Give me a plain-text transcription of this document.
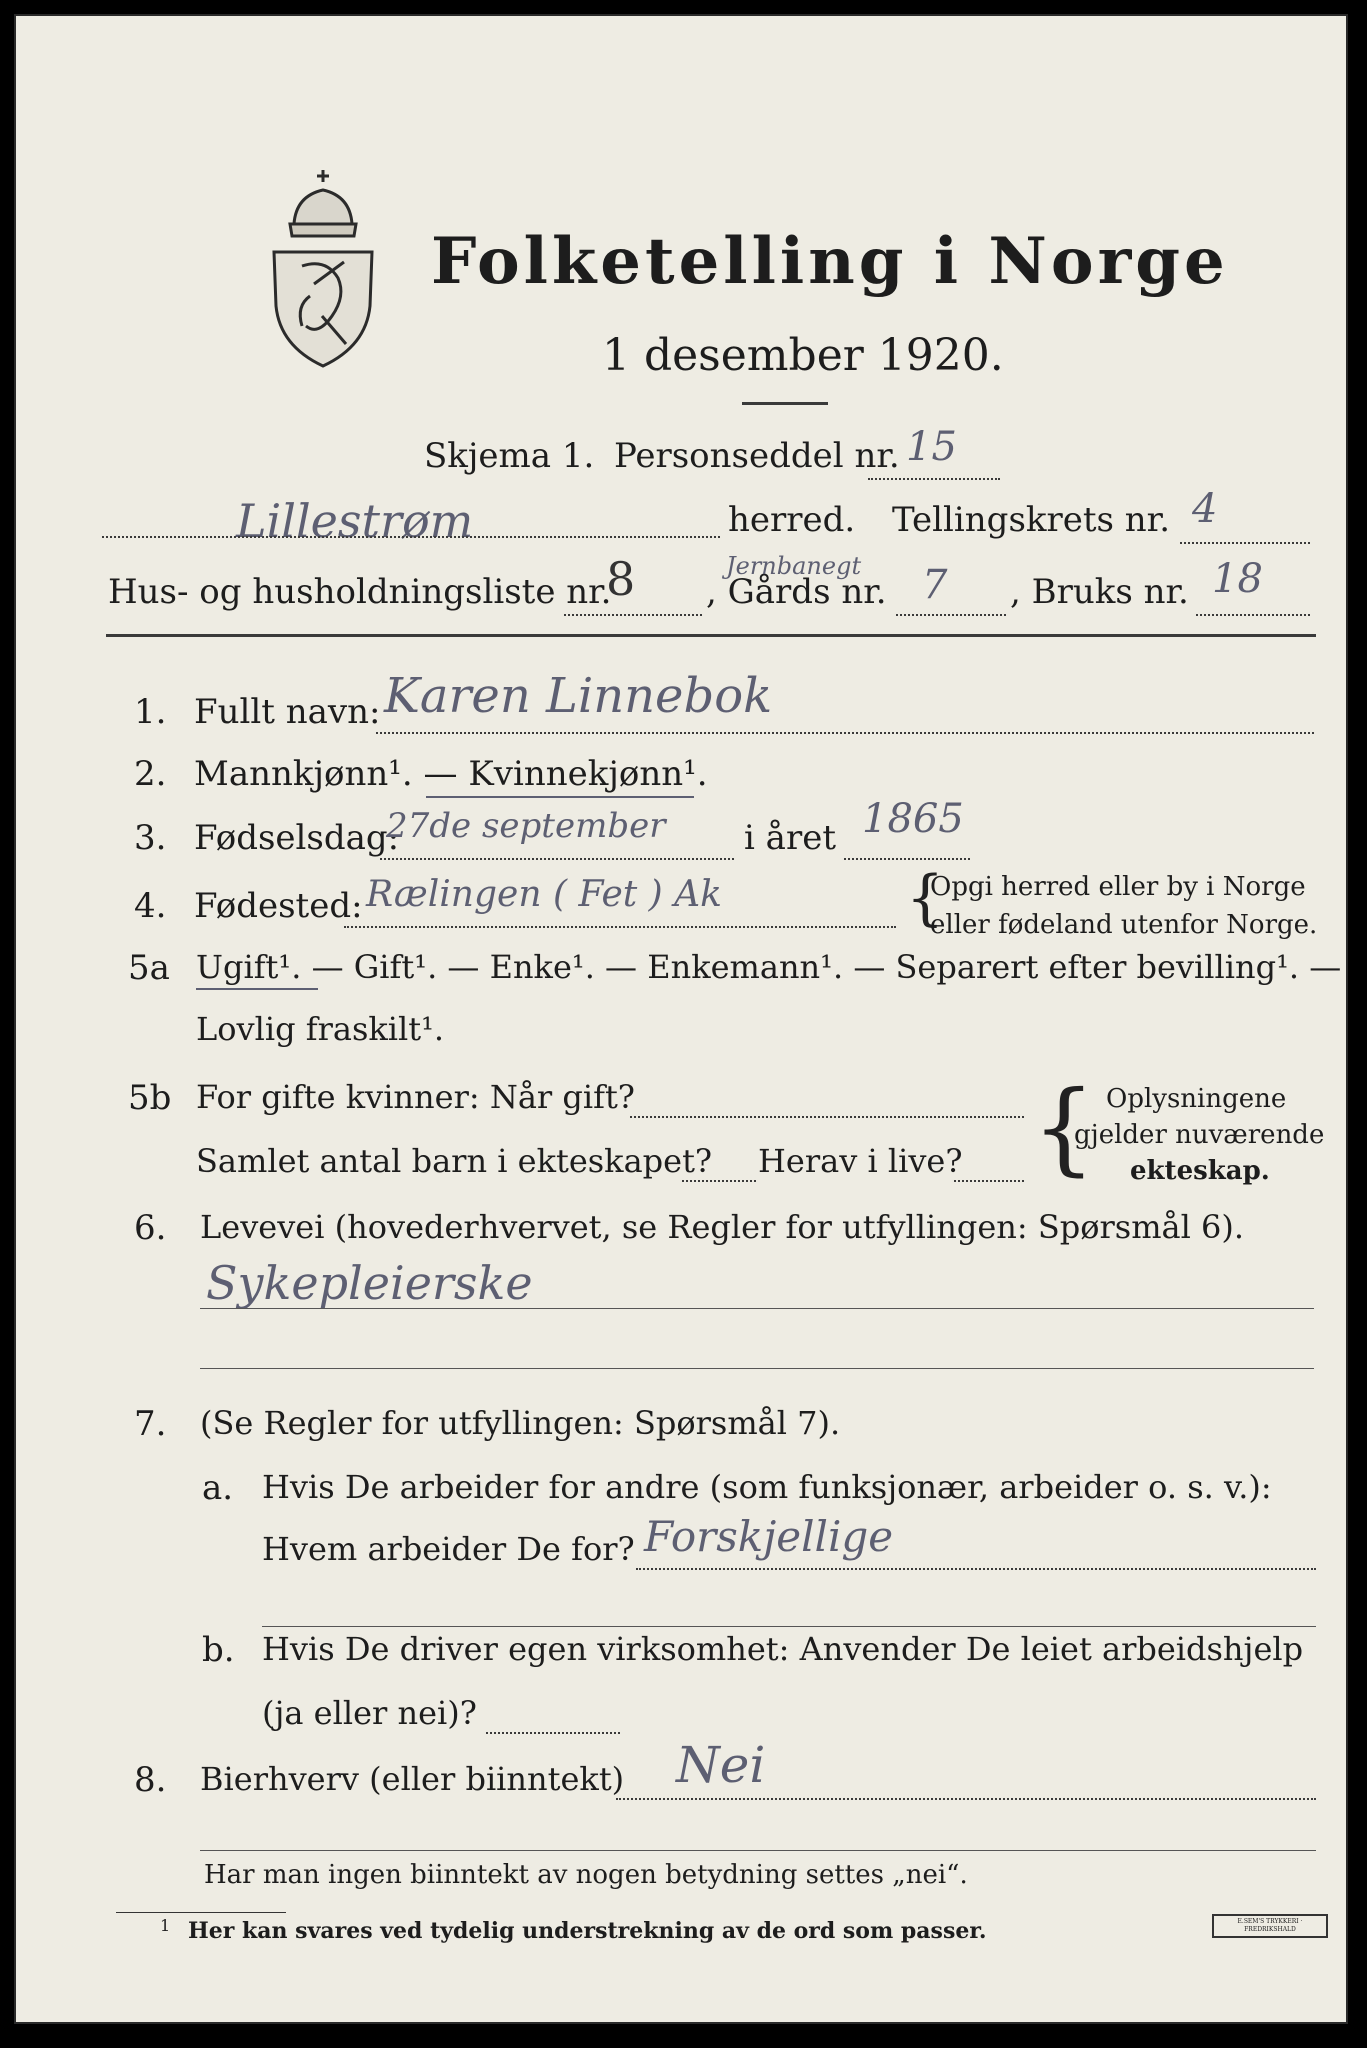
Folketelling i Norge
1 desember 1920.
Skjema 1. Personseddel nr. 15
Lillestrøm	herred. Tellingskrets nr. 4
Hus- og husholdningsliste nr.
8 , Gårds nr.
Jernbanegt 7 , Bruks nr. 18
1. Fullt navn: Karen Linnebok
2. Mannkjønn¹. — Kvinnekjønn¹.
3. Fødselsdag:
27de september i året 1865
4. Fødested: Rælingen ( Fet ) Ak	{
Opgi herred eller by i Norge
eller fødeland utenfor Norge.
5a Ugift¹. — Gift¹. — Enke¹. — Enkemann¹. — Separert efter bevilling¹. —
Lovlig fraskilt¹.
5b For gifte kvinner: Når gift?
Samlet antal barn i ekteskapet? Herav i live? { Oplysningene
gjelder nuværende
ekteskap.
6. Levevei (hovederhvervet, se Regler for utfyllingen: Spørsmål 6).
Sykepleierske
7. (Se Regler for utfyllingen: Spørsmål 7).
a. Hvis De arbeider for andre (som funksjonær, arbeider o. s. v.):
Hvem arbeider De for? Forskjellige
b. Hvis De driver egen virksomhet: Anvender De leiet arbeidshjelp
(ja eller nei)?
8. Bierhverv (eller biinntekt) Nei
Har man ingen biinntekt av nogen betydning settes „nei“.
1 Her kan svares ved tydelig understrekning av de ord som passer.	E.SEM'S TRYKKERI · FREDRIKSHALD
